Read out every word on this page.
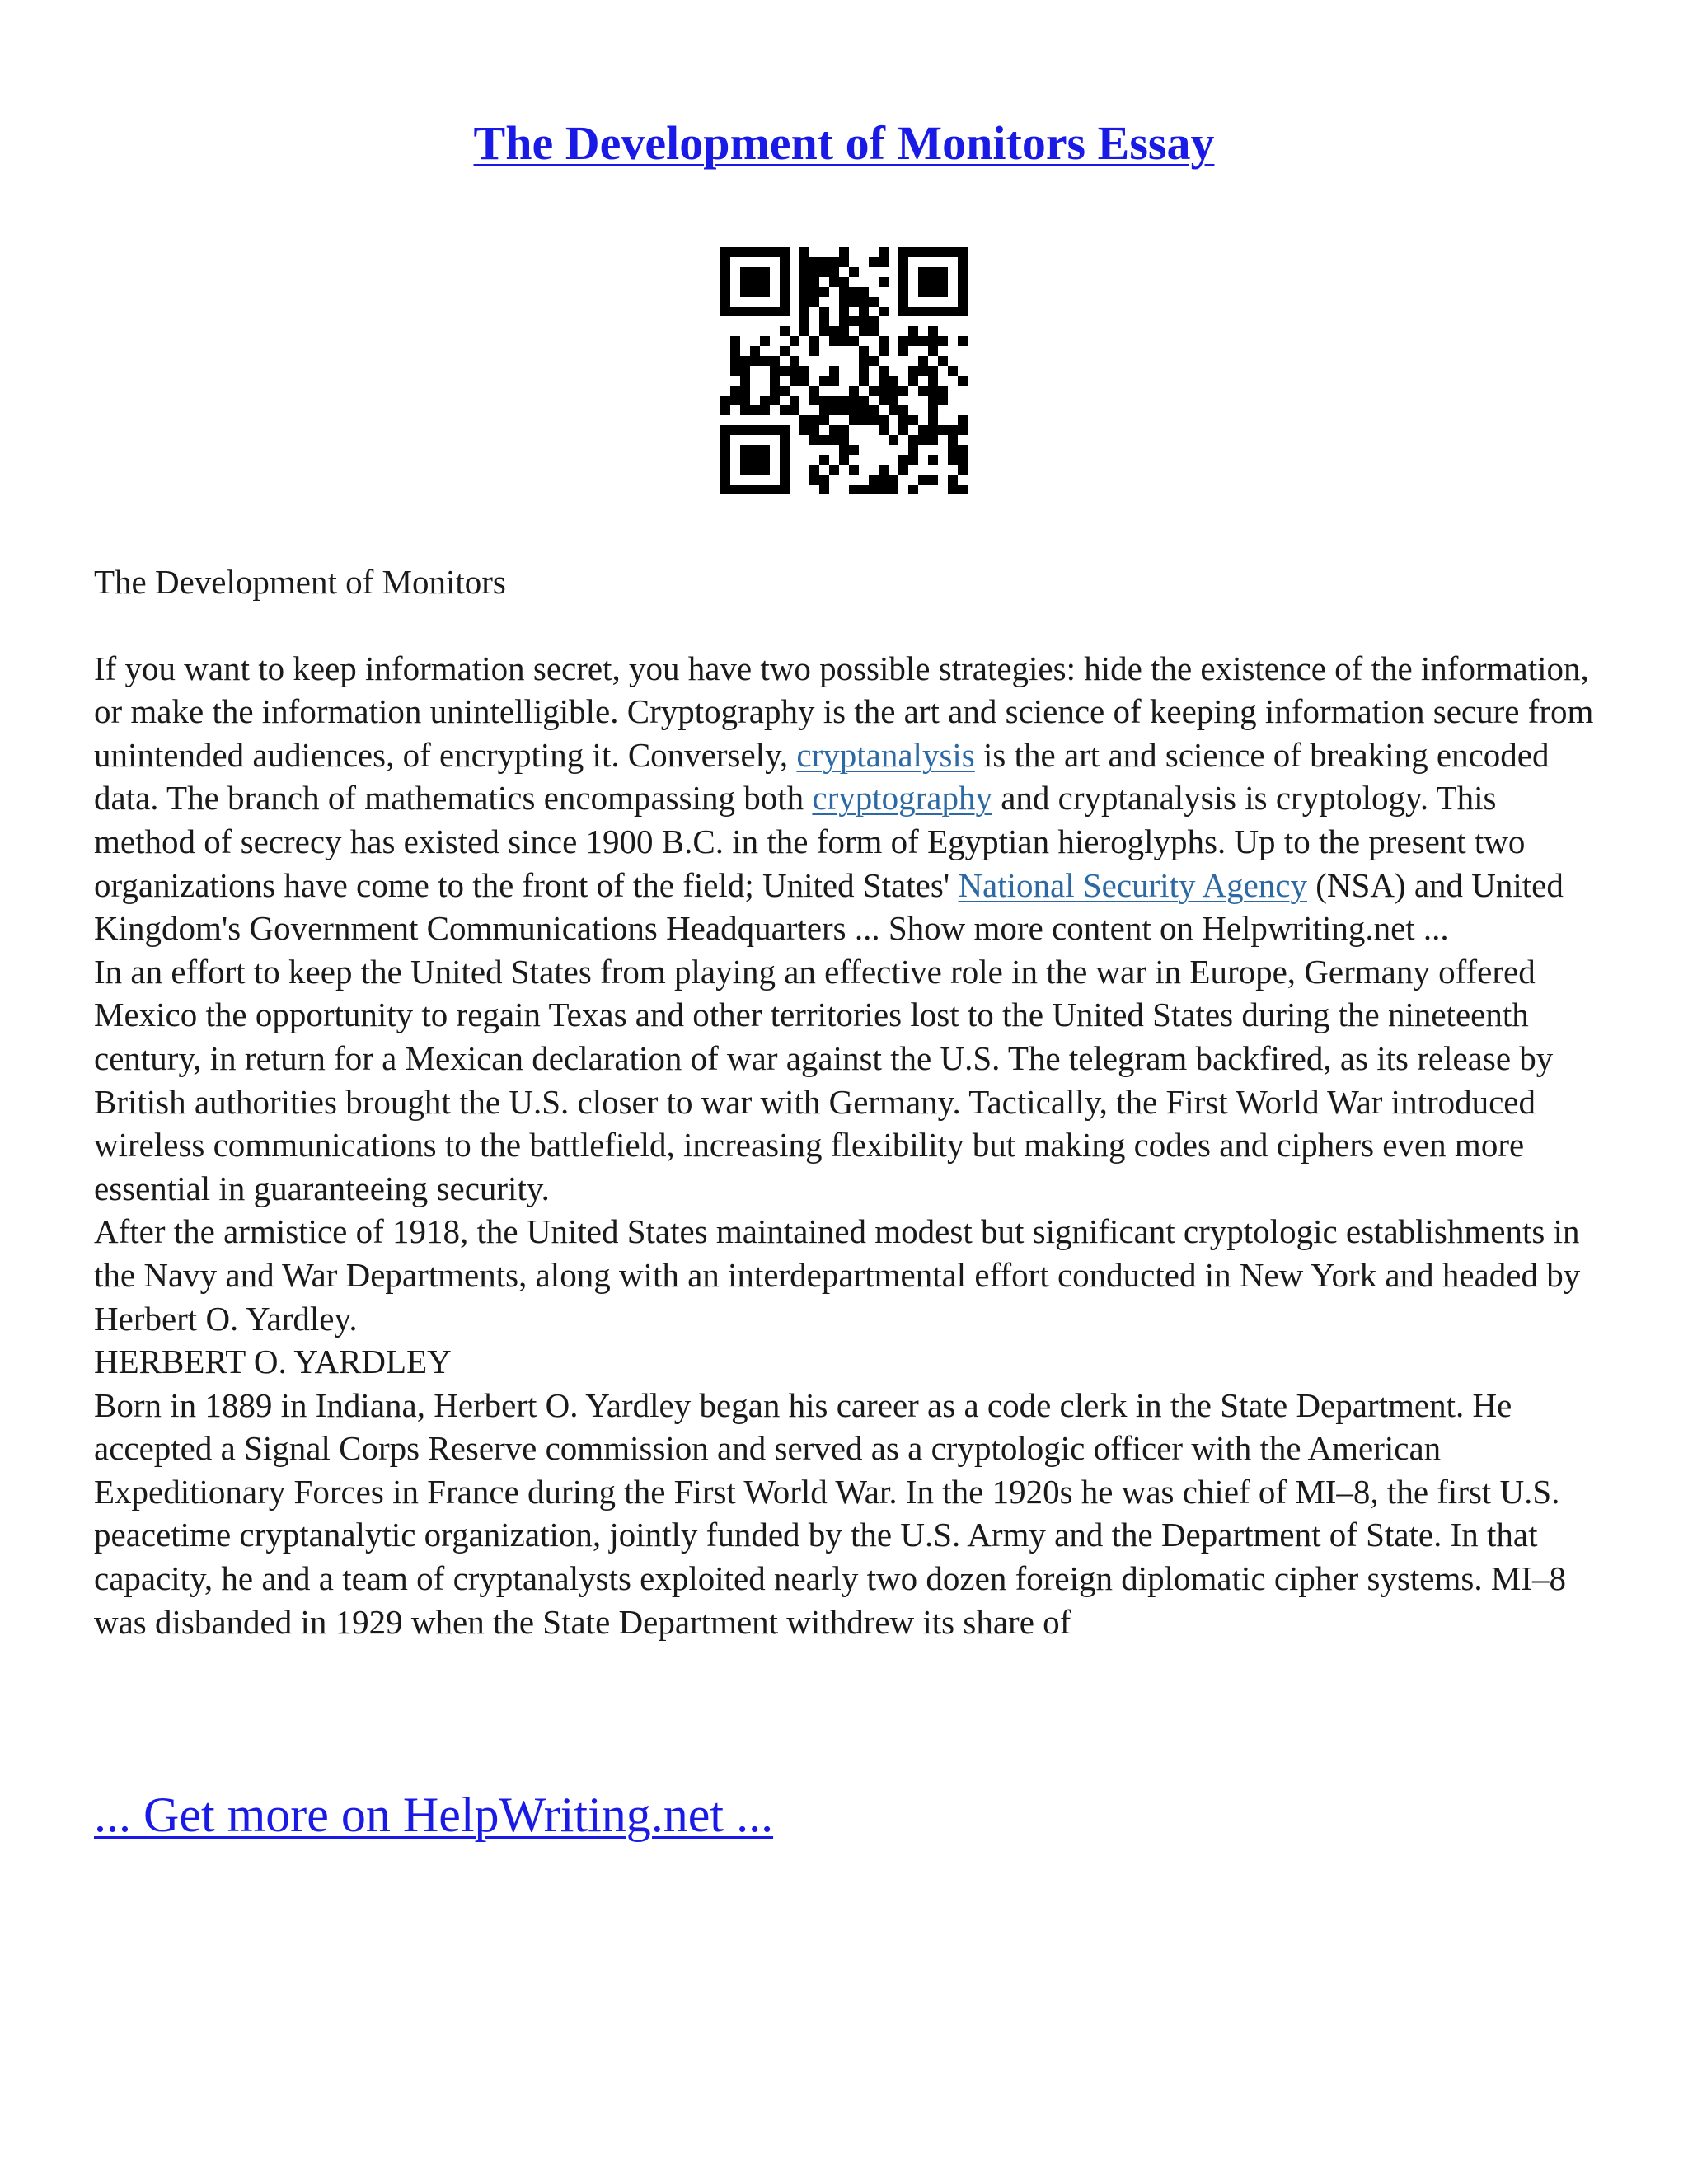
The Development of Monitors Essay

The Development of Monitors

If you want to keep information secret, you have two possible strategies: hide the existence of the information, or make the information unintelligible. Cryptography is the art and science of keeping information secure from unintended audiences, of encrypting it. Conversely, cryptanalysis is the art and science of breaking encoded data. The branch of mathematics encompassing both cryptography and cryptanalysis is cryptology. This method of secrecy has existed since 1900 B.C. in the form of Egyptian hieroglyphs. Up to the present two organizations have come to the front of the field; United States' National Security Agency (NSA) and United Kingdom's Government Communications Headquarters ... Show more content on Helpwriting.net ...

In an effort to keep the United States from playing an effective role in the war in Europe, Germany offered Mexico the opportunity to regain Texas and other territories lost to the United States during the nineteenth century, in return for a Mexican declaration of war against the U.S. The telegram backfired, as its release by British authorities brought the U.S. closer to war with Germany. Tactically, the First World War introduced wireless communications to the battlefield, increasing flexibility but making codes and ciphers even more essential in guaranteeing security.

After the armistice of 1918, the United States maintained modest but significant cryptologic establishments in the Navy and War Departments, along with an interdepartmental effort conducted in New York and headed by Herbert O. Yardley.

HERBERT O. YARDLEY

Born in 1889 in Indiana, Herbert O. Yardley began his career as a code clerk in the State Department. He accepted a Signal Corps Reserve commission and served as a cryptologic officer with the American Expeditionary Forces in France during the First World War. In the 1920s he was chief of MI–8, the first U.S. peacetime cryptanalytic organization, jointly funded by the U.S. Army and the Department of State. In that capacity, he and a team of cryptanalysts exploited nearly two dozen foreign diplomatic cipher systems. MI–8 was disbanded in 1929 when the State Department withdrew its share of

... Get more on HelpWriting.net ...
